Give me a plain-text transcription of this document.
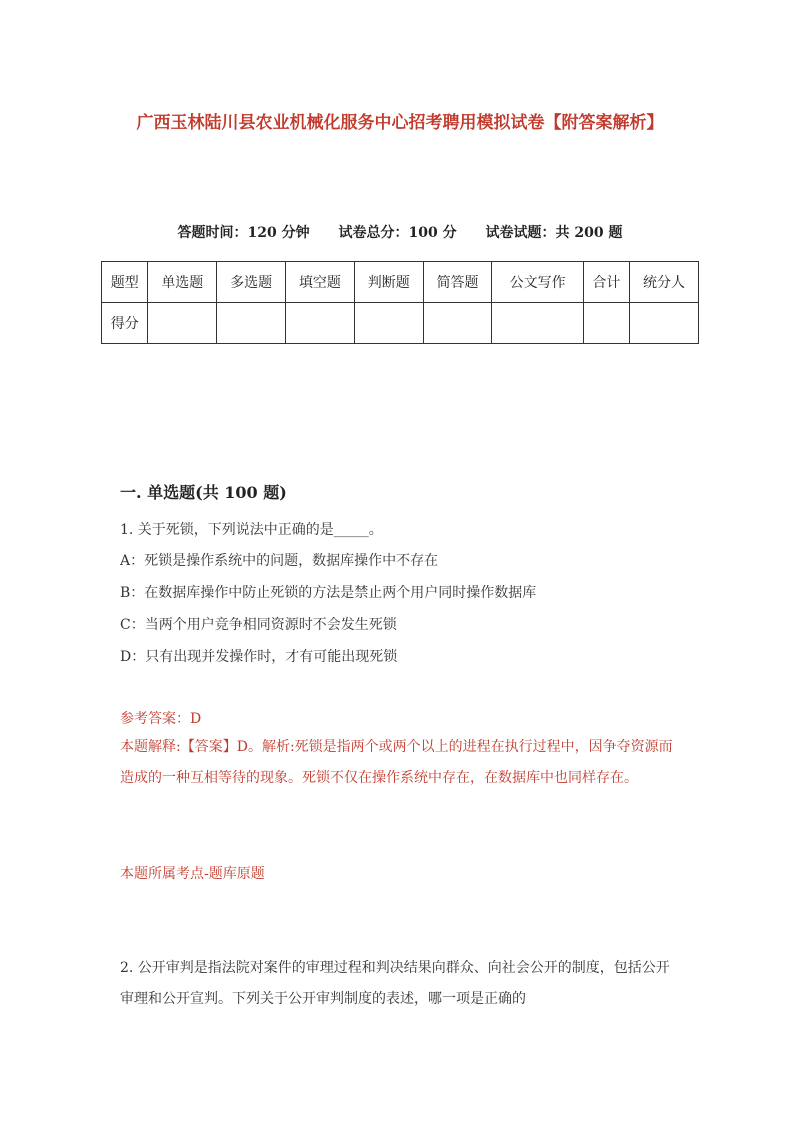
广西玉林陆川县农业机械化服务中心招考聘用模拟试卷【附答案解析】
答题时间：120 分钟 试卷总分：100 分 试卷试题：共 200 题
题型	单选题	多选题	填空题	判断题	简答题	公文写作	合计	统分人
得分								
一. 单选题(共 100 题)
1. 关于死锁，下列说法中正确的是_____。
A：死锁是操作系统中的问题，数据库操作中不存在
B：在数据库操作中防止死锁的方法是禁止两个用户同时操作数据库
C：当两个用户竞争相同资源时不会发生死锁
D：只有出现并发操作时，才有可能出现死锁
参考答案：D
本题解释:【答案】D。解析:死锁是指两个或两个以上的进程在执行过程中，因争夺资源而造成的一种互相等待的现象。死锁不仅在操作系统中存在，在数据库中也同样存在。
本题所属考点-题库原题
2. 公开审判是指法院对案件的审理过程和判决结果向群众、向社会公开的制度，包括公开审理和公开宣判。下列关于公开审判制度的表述，哪一项是正确的
